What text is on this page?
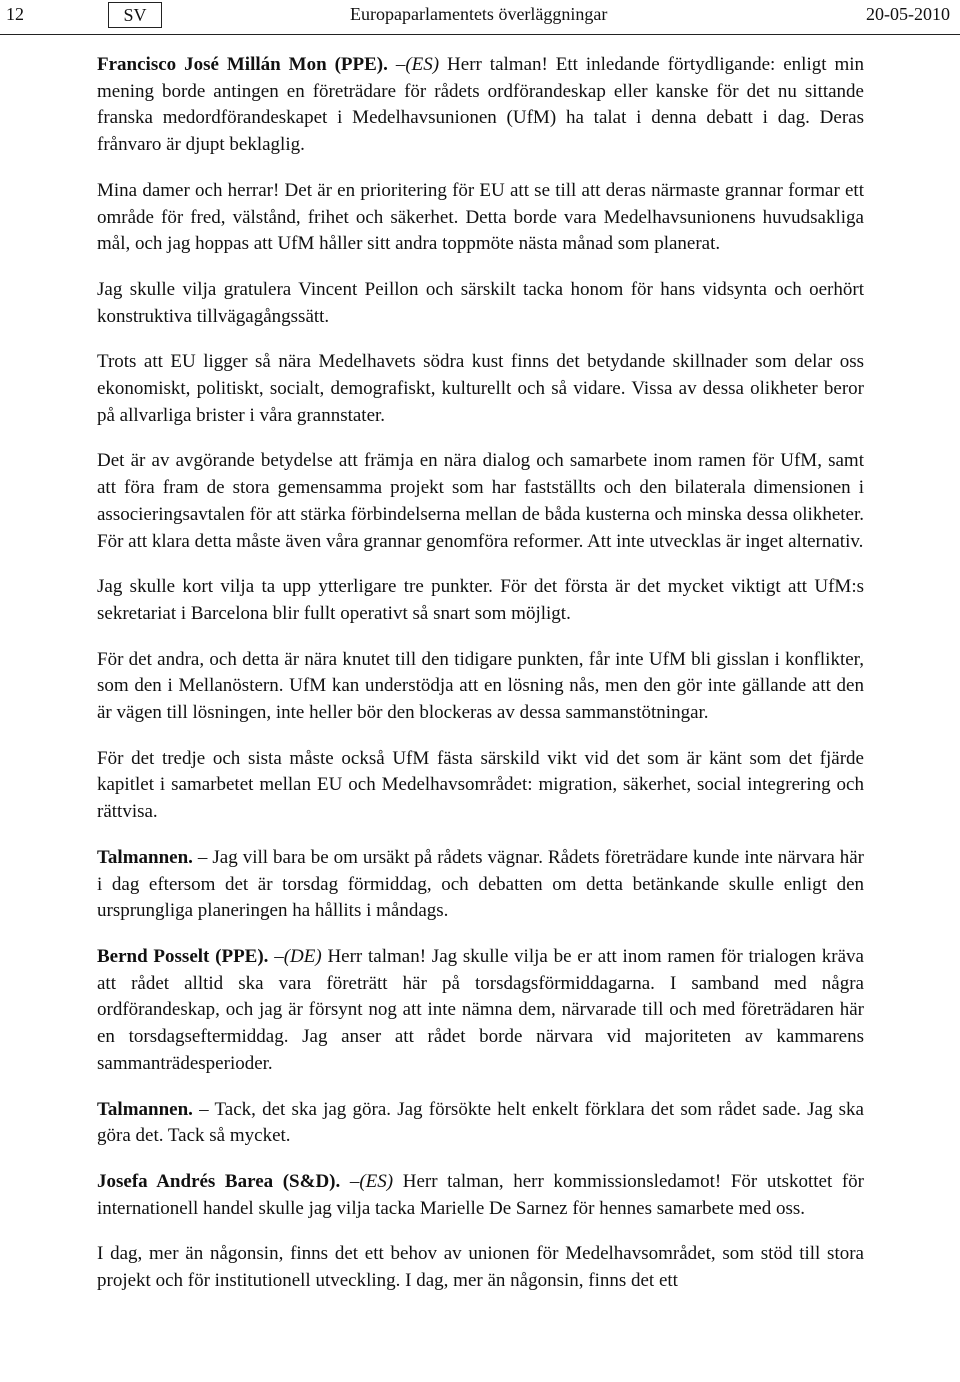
12	SV	Europaparlamentets överläggningar	20-05-2010

Francisco José Millán Mon (PPE). –(ES) Herr talman! Ett inledande förtydligande: enligt min mening borde antingen en företrädare för rådets ordförandeskap eller kanske för det nu sittande franska medordförandeskapet i Medelhavsunionen (UfM) ha talat i denna debatt i dag. Deras frånvaro är djupt beklaglig.

Mina damer och herrar! Det är en prioritering för EU att se till att deras närmaste grannar formar ett område för fred, välstånd, frihet och säkerhet. Detta borde vara Medelhavsunionens huvudsakliga mål, och jag hoppas att UfM håller sitt andra toppmöte nästa månad som planerat.

Jag skulle vilja gratulera Vincent Peillon och särskilt tacka honom för hans vidsynta och oerhört konstruktiva tillvägagångssätt.

Trots att EU ligger så nära Medelhavets södra kust finns det betydande skillnader som delar oss ekonomiskt, politiskt, socialt, demografiskt, kulturellt och så vidare. Vissa av dessa olikheter beror på allvarliga brister i våra grannstater.

Det är av avgörande betydelse att främja en nära dialog och samarbete inom ramen för UfM, samt att föra fram de stora gemensamma projekt som har fastställts och den bilaterala dimensionen i associeringsavtalen för att stärka förbindelserna mellan de båda kusterna och minska dessa olikheter. För att klara detta måste även våra grannar genomföra reformer. Att inte utvecklas är inget alternativ.

Jag skulle kort vilja ta upp ytterligare tre punkter. För det första är det mycket viktigt att UfM:s sekretariat i Barcelona blir fullt operativt så snart som möjligt.

För det andra, och detta är nära knutet till den tidigare punkten, får inte UfM bli gisslan i konflikter, som den i Mellanöstern. UfM kan understödja att en lösning nås, men den gör inte gällande att den är vägen till lösningen, inte heller bör den blockeras av dessa sammanstötningar.

För det tredje och sista måste också UfM fästa särskild vikt vid det som är känt som det fjärde kapitlet i samarbetet mellan EU och Medelhavsområdet: migration, säkerhet, social integrering och rättvisa.

Talmannen. – Jag vill bara be om ursäkt på rådets vägnar. Rådets företrädare kunde inte närvara här i dag eftersom det är torsdag förmiddag, och debatten om detta betänkande skulle enligt den ursprungliga planeringen ha hållits i måndags.

Bernd Posselt (PPE). –(DE) Herr talman! Jag skulle vilja be er att inom ramen för trialogen kräva att rådet alltid ska vara företrätt här på torsdagsförmiddagarna. I samband med några ordförandeskap, och jag är försynt nog att inte nämna dem, närvarade till och med företrädaren här en torsdagseftermiddag. Jag anser att rådet borde närvara vid majoriteten av kammarens sammanträdesperioder.

Talmannen. – Tack, det ska jag göra. Jag försökte helt enkelt förklara det som rådet sade. Jag ska göra det. Tack så mycket.

Josefa Andrés Barea (S&D). –(ES) Herr talman, herr kommissionsledamot! För utskottet för internationell handel skulle jag vilja tacka Marielle De Sarnez för hennes samarbete med oss.

I dag, mer än någonsin, finns det ett behov av unionen för Medelhavsområdet, som stöd till stora projekt och för institutionell utveckling. I dag, mer än någonsin, finns det ett
